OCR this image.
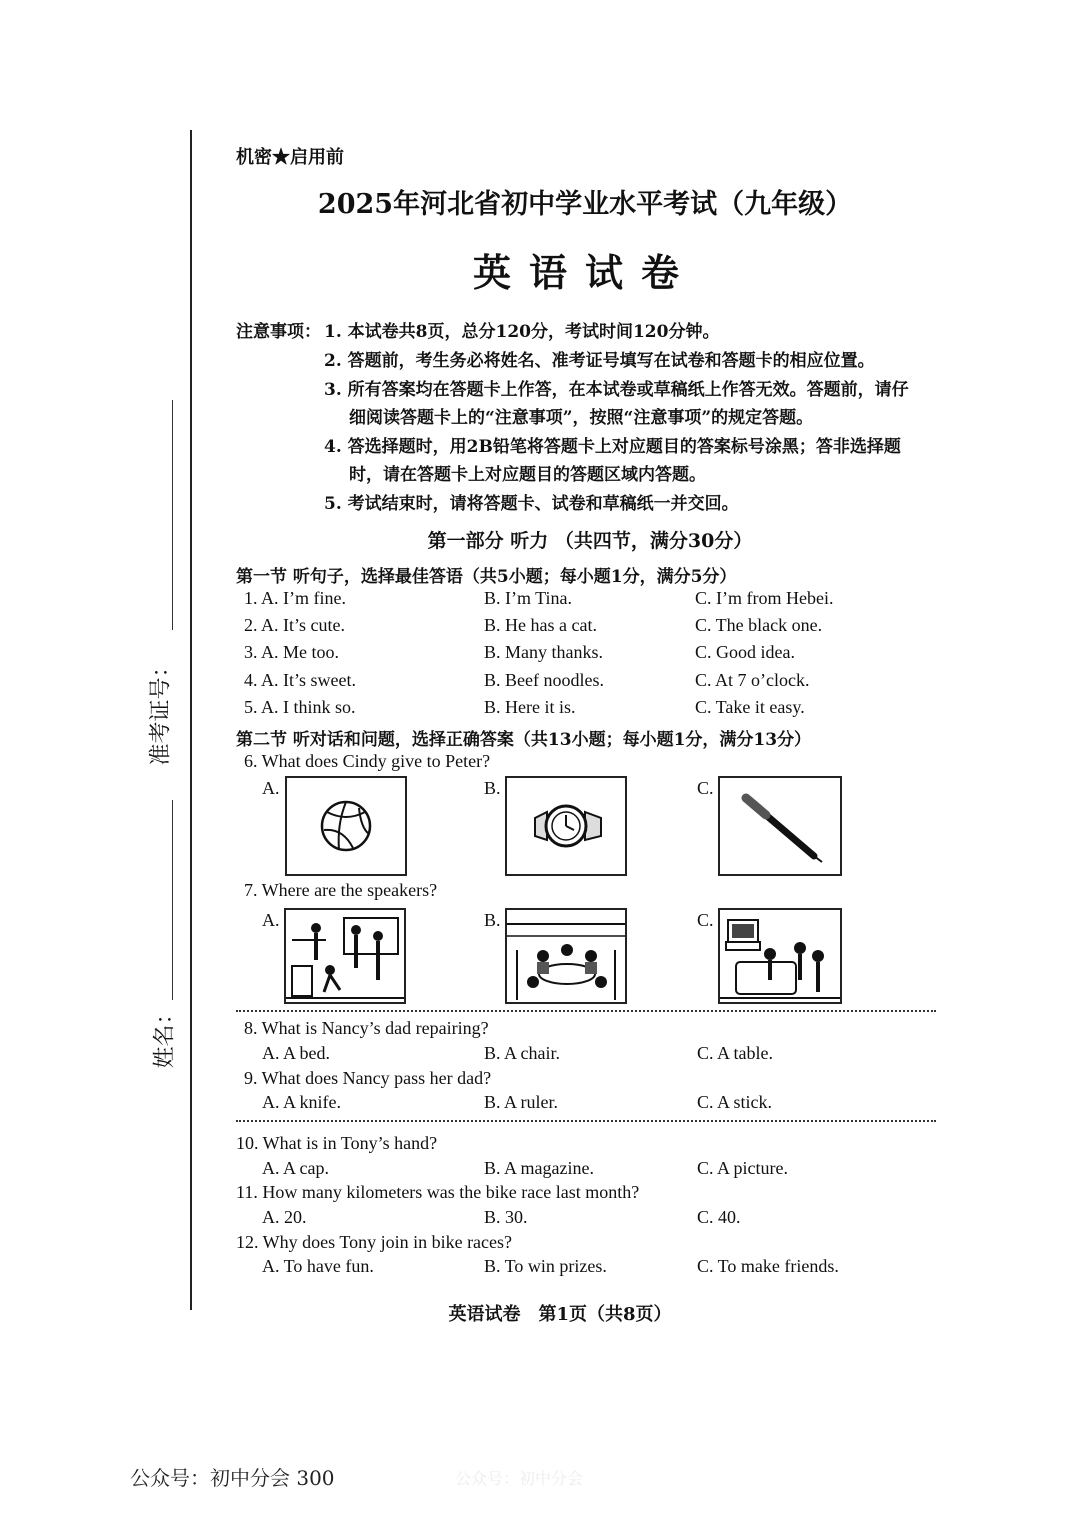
准考证号：
姓名：
机密★启用前
2025年河北省初中学业水平考试（九年级）
英语试卷
注意事项： 1. 本试卷共8页，总分120分，考试时间120分钟。
2. 答题前，考生务必将姓名、准考证号填写在试卷和答题卡的相应位置。
3. 所有答案均在答题卡上作答，在本试卷或草稿纸上作答无效。答题前，请仔
细阅读答题卡上的“注意事项”，按照“注意事项”的规定答题。
4. 答选择题时，用2B铅笔将答题卡上对应题目的答案标号涂黑；答非选择题
时，请在答题卡上对应题目的答题区域内答题。
5. 考试结束时，请将答题卡、试卷和草稿纸一并交回。
第一部分 听力 （共四节，满分30分）
第一节 听句子，选择最佳答语（共5小题；每小题1分，满分5分）
1. A. I’m fine.	B. I’m Tina.	C. I’m from Hebei.
2. A. It’s cute.	B. He has a cat.	C. The black one.
3. A. Me too.	B. Many thanks.	C. Good idea.
4. A. It’s sweet.	B. Beef noodles.	C. At 7 o’clock.
5. A. I think so.	B. Here it is.	C. Take it easy.
第二节 听对话和问题，选择正确答案（共13小题；每小题1分，满分13分）
6. What does Cindy give to Peter?
A.	B.	C.
7. Where are the speakers?
A.	B.	C.
8. What is Nancy’s dad repairing?
A. A bed.	B. A chair.	C. A table.
9. What does Nancy pass her dad?
A. A knife.	B. A ruler.	C. A stick.
10. What is in Tony’s hand?
A. A cap.	B. A magazine.	C. A picture.
11. How many kilometers was the bike race last month?
A. 20.	B. 30.	C. 40.
12. Why does Tony join in bike races?
A. To have fun.	B. To win prizes.	C. To make friends.
英语试卷　第1页（共8页）
公众号：初中分会 300	公众号：初中分会
